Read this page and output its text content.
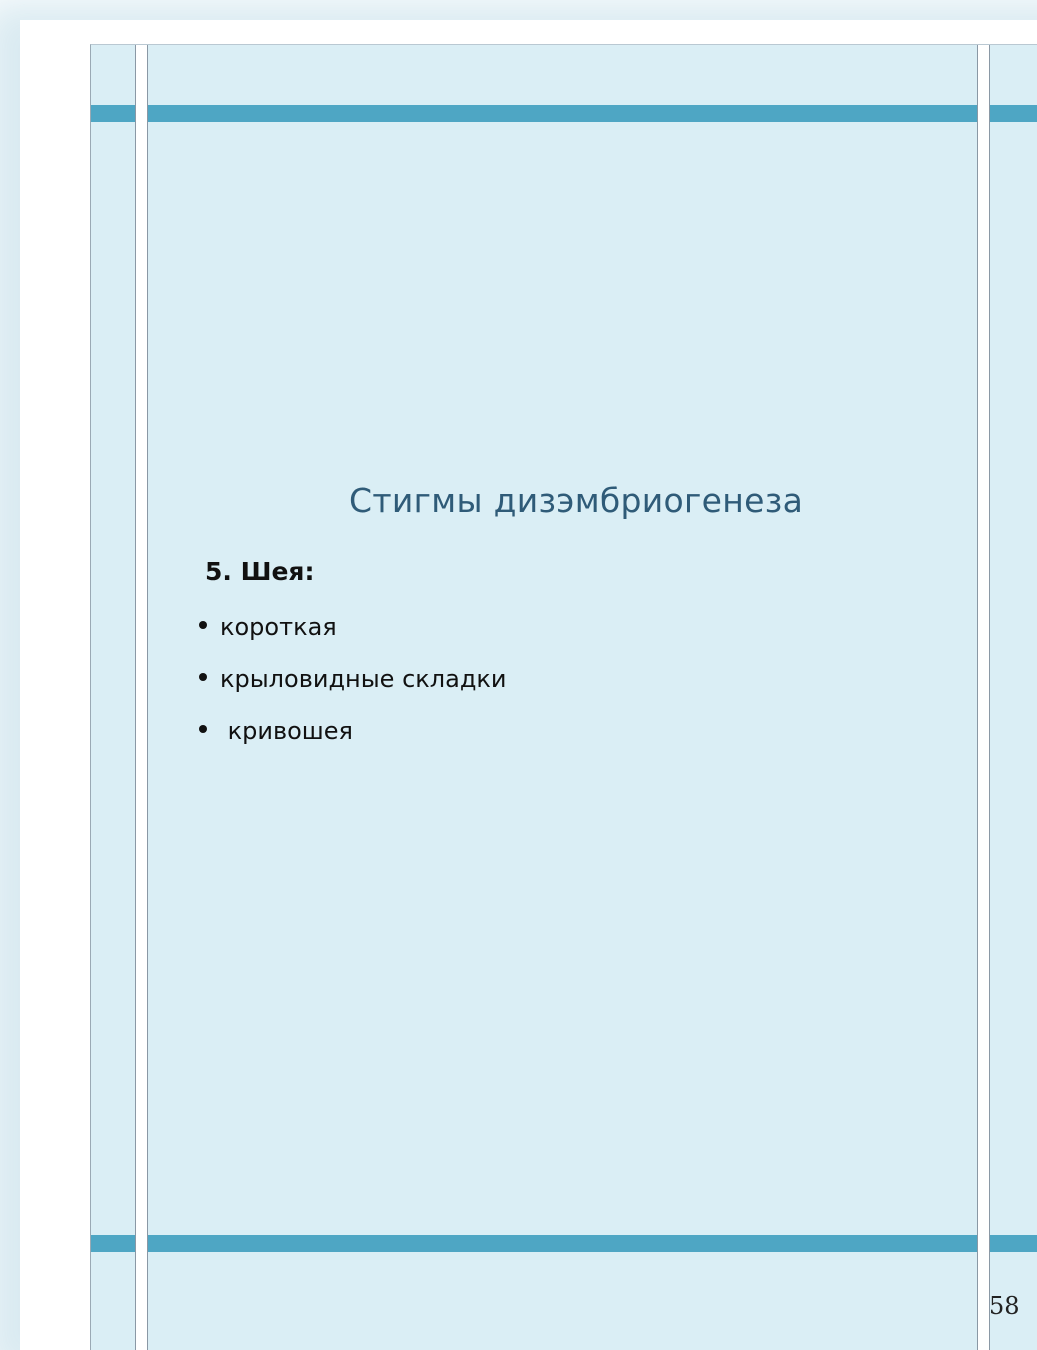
Стигмы дизэмбриогенеза
5. Шея:
короткая
крыловидные складки
кривошея
58
